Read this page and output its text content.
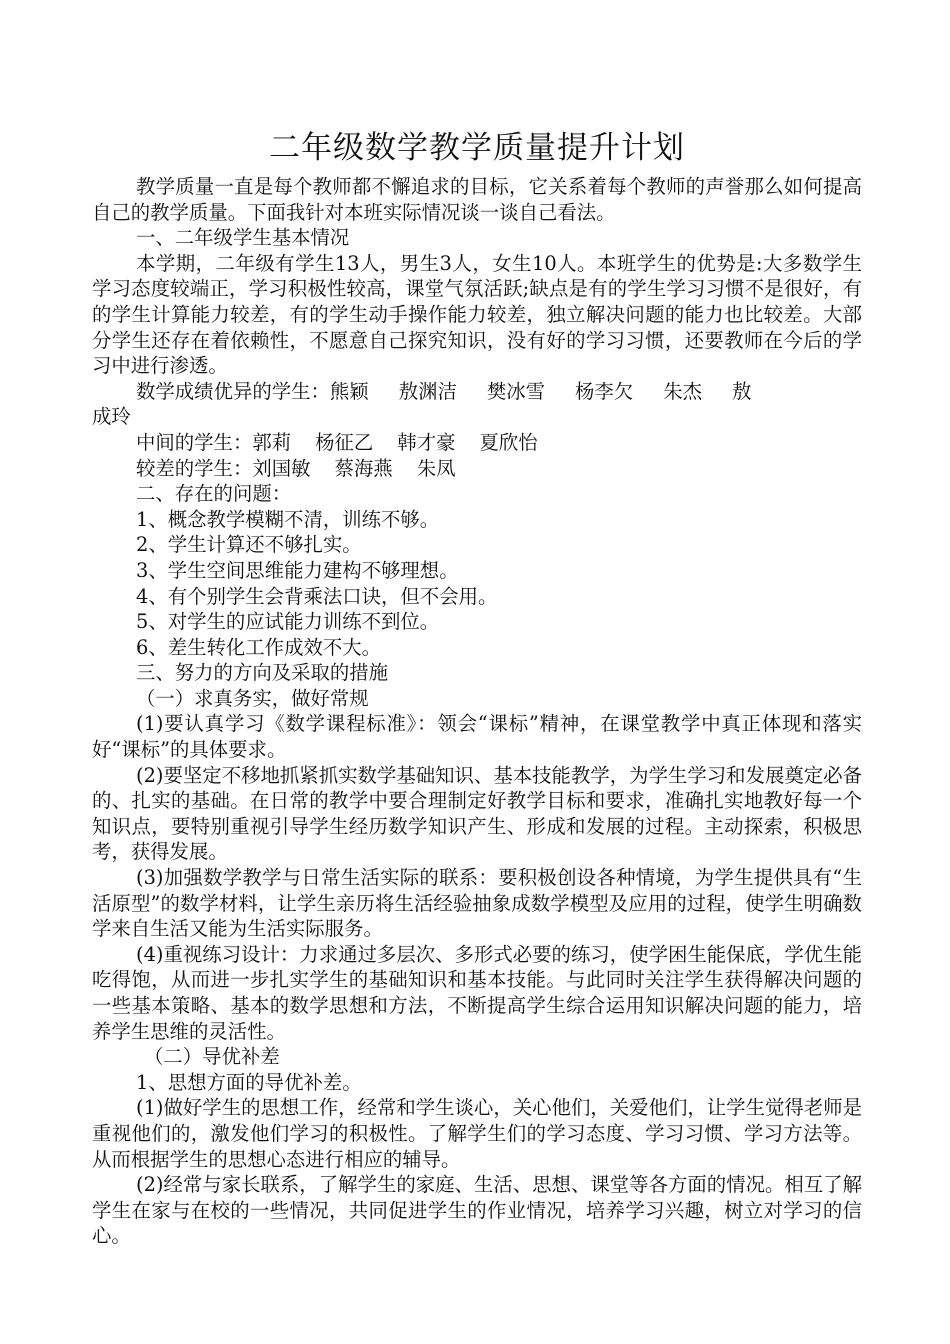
二年级数学教学质量提升计划

教学质量一直是每个教师都不懈追求的目标，它关系着每个教师的声誉那么如何提高自己的教学质量。下面我针对本班实际情况谈一谈自己看法。

一、二年级学生基本情况

本学期，二年级有学生13人，男生3人，女生10人。本班学生的优势是:大多数学生学习态度较端正，学习积极性较高，课堂气氛活跃;缺点是有的学生学习习惯不是很好，有的学生计算能力较差，有的学生动手操作能力较差，独立解决问题的能力也比较差。大部分学生还存在着依赖性，不愿意自己探究知识，没有好的学习习惯，还要教师在今后的学习中进行渗透。

数学成绩优异的学生：熊颖 敖渊洁 樊冰雪 杨李欠 朱杰 敖
成玲
中间的学生：郭莉 杨征乙 韩才豪 夏欣怡
较差的学生：刘国敏 蔡海燕 朱凤

二、存在的问题：

1、概念教学模糊不清，训练不够。

2、学生计算还不够扎实。

3、学生空间思维能力建构不够理想。

4、有个别学生会背乘法口诀，但不会用。

5、对学生的应试能力训练不到位。

6、差生转化工作成效不大。

三、努力的方向及采取的措施

（一）求真务实，做好常规

(1)要认真学习《数学课程标准》：领会“课标”精神，在课堂教学中真正体现和落实好“课标”的具体要求。

(2)要坚定不移地抓紧抓实数学基础知识、基本技能教学，为学生学习和发展奠定必备的、扎实的基础。在日常的教学中要合理制定好教学目标和要求，准确扎实地教好每一个知识点，要特别重视引导学生经历数学知识产生、形成和发展的过程。主动探索，积极思考，获得发展。

(3)加强数学教学与日常生活实际的联系：要积极创设各种情境，为学生提供具有“生活原型”的数学材料，让学生亲历将生活经验抽象成数学模型及应用的过程，使学生明确数学来自生活又能为生活实际服务。

(4)重视练习设计：力求通过多层次、多形式必要的练习，使学困生能保底，学优生能吃得饱，从而进一步扎实学生的基础知识和基本技能。与此同时关注学生获得解决问题的一些基本策略、基本的数学思想和方法，不断提高学生综合运用知识解决问题的能力，培养学生思维的灵活性。

（二）导优补差

1、思想方面的导优补差。

(1)做好学生的思想工作，经常和学生谈心，关心他们，关爱他们，让学生觉得老师是重视他们的，激发他们学习的积极性。了解学生们的学习态度、学习习惯、学习方法等。从而根据学生的思想心态进行相应的辅导。

(2)经常与家长联系，了解学生的家庭、生活、思想、课堂等各方面的情况。相互了解学生在家与在校的一些情况，共同促进学生的作业情况，培养学习兴趣，树立对学习的信心。
